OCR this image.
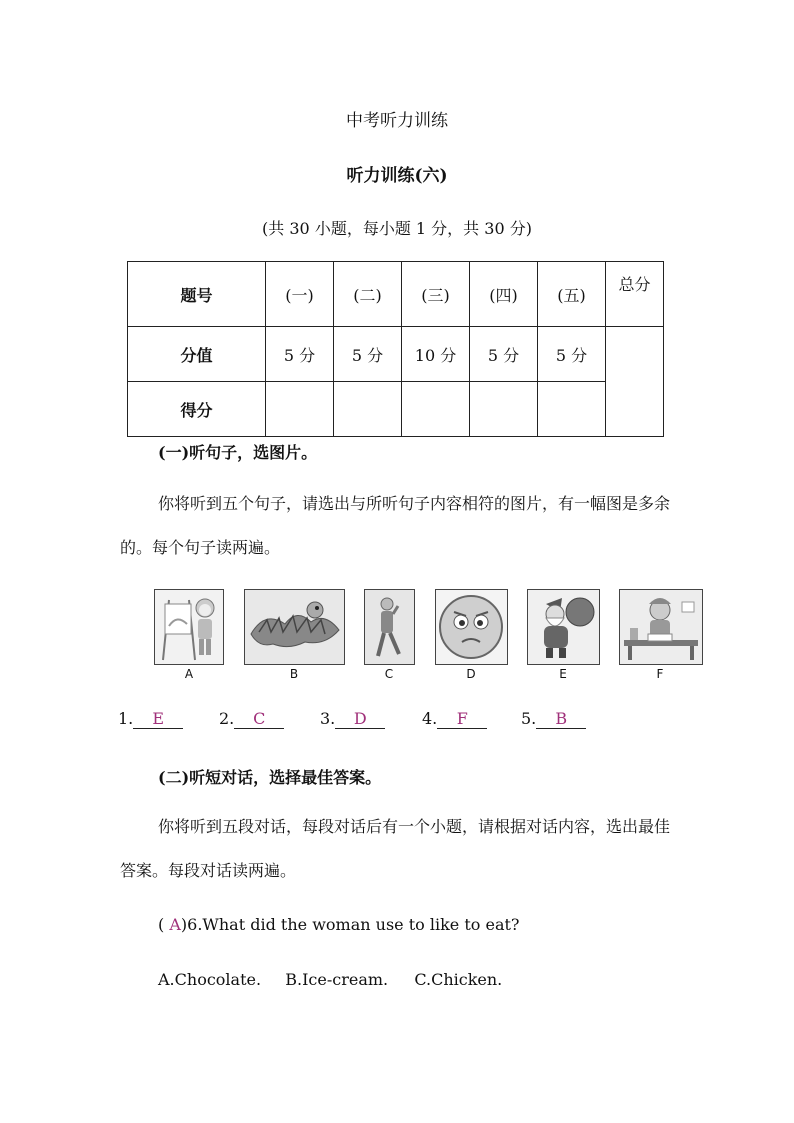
中考听力训练
听力训练(六)
(共 30 小题，每小题 1 分，共 30 分)
题号	(一)	(二)	(三)	(四)	(五)	总分
分值	5 分	5 分	10 分	5 分	5 分	
得分						
(一)听句子，选图片。
你将听到五个句子，请选出与所听句子内容相符的图片，有一幅图是多余的。每个句子读两遍。
A	B	C	D	E	F
1. E	2. C	3. D	4. F	5. B
(二)听短对话，选择最佳答案。
你将听到五段对话，每段对话后有一个小题，请根据对话内容，选出最佳答案。每段对话读两遍。
( A)6.What did the woman use to like to eat?
A.Chocolate. B.Ice-cream. C.Chicken.
